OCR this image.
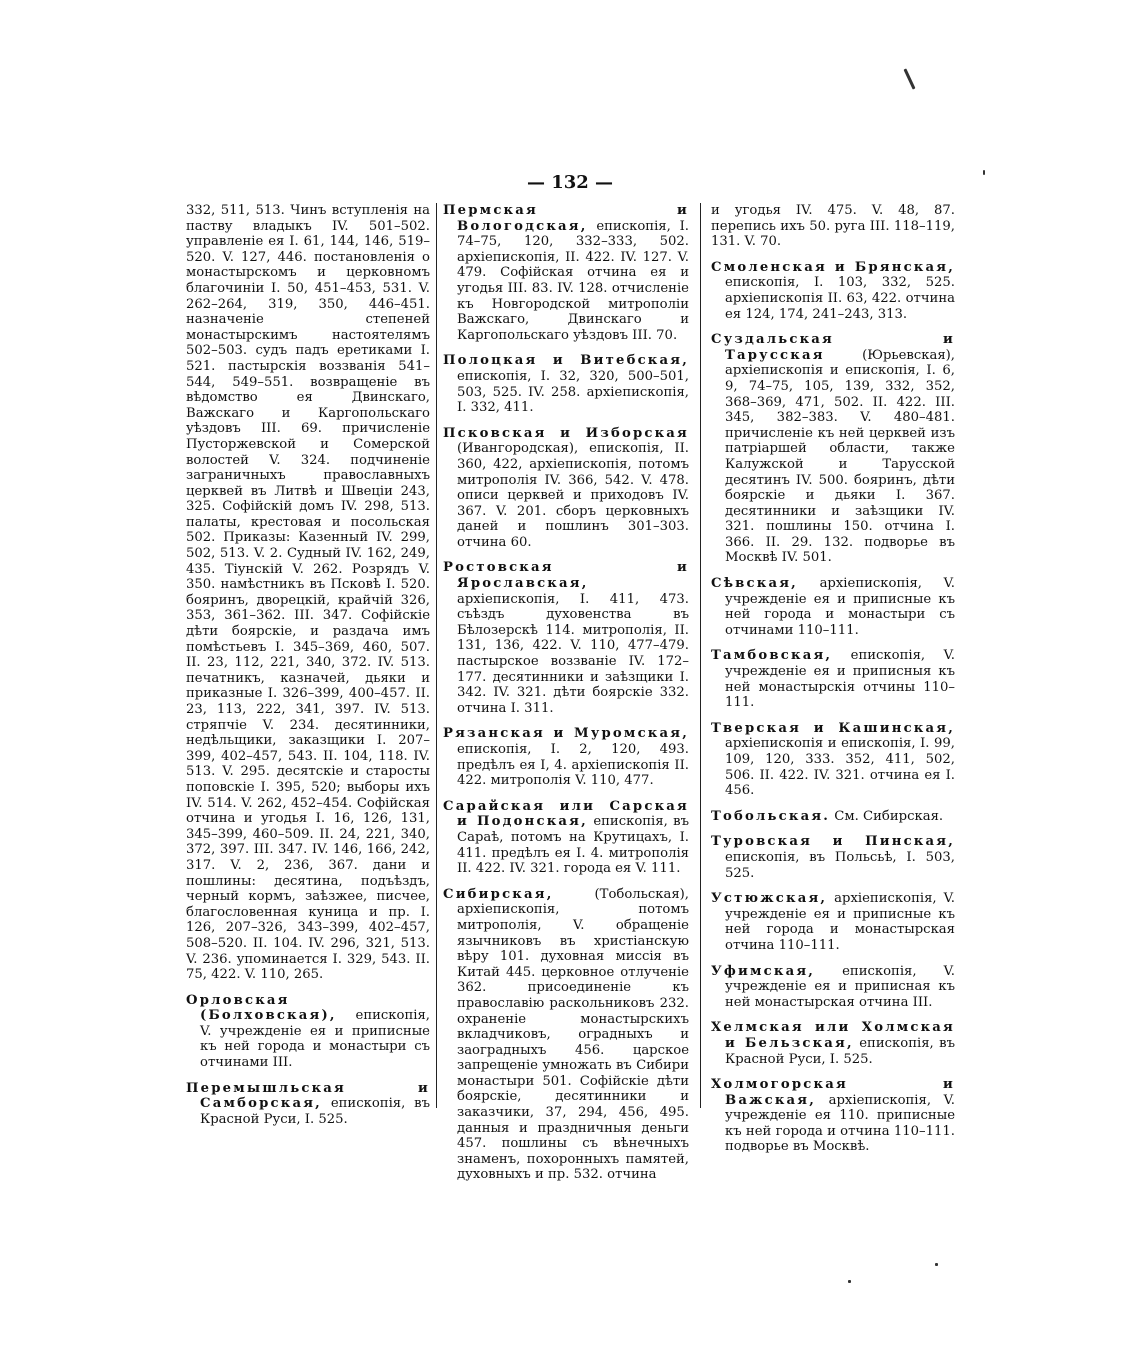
— 132 —
332, 511, 513. Чинъ вступленія на паству владыкъ IV. 501–502. управленіе ея I. 61, 144, 146, 519–520. V. 127, 446. постановленія о монастырскомъ и церковномъ благочиніи I. 50, 451–453, 531. V. 262–264, 319, 350, 446–451. назначеніе степеней монастырскимъ настоятелямъ 502–503. судъ падъ еретиками I. 521. пастырскія воззванія 541–544, 549–551. возвращеніе въ вѣдомство ея Двинскаго, Важскаго и Каргопольскаго уѣздовъ III. 69. причисленіе Пусторжевской и Сомерской волостей V. 324. подчиненіе заграничныхъ православныхъ церквей въ Литвѣ и Швеціи 243, 325. Софійскій домъ IV. 298, 513. палаты, крестовая и посольская 502. Приказы: Казенный IV. 299, 502, 513. V. 2. Судный IV. 162, 249, 435. Тіунскій V. 262. Розрядъ V. 350. намѣстникъ въ Псковѣ I. 520. бояринъ, дворецкій, крайчій 326, 353, 361–362. III. 347. Софійскіе дѣти боярскіе, и раздача имъ помѣстьевъ I. 345–369, 460, 507. II. 23, 112, 221, 340, 372. IV. 513. печатникъ, казначей, дьяки и приказные I. 326–399, 400–457. II. 23, 113, 222, 341, 397. IV. 513. стряпчіе V. 234. десятинники, недѣльщики, заказщики I. 207–399, 402–457, 543. II. 104, 118. IV. 513. V. 295. десятскіе и старосты поповскіе I. 395, 520; выборы ихъ IV. 514. V. 262, 452–454. Софійская отчина и угодья I. 16, 126, 131, 345–399, 460–509. II. 24, 221, 340, 372, 397. III. 347. IV. 146, 166, 242, 317. V. 2, 236, 367. дани и пошлины: десятина, подъѣздъ, черный кормъ, заѣзжее, писчее, благословенная куница и пр. I. 126, 207–326, 343–399, 402–457, 508–520. II. 104. IV. 296, 321, 513. V. 236. упоминается I. 329, 543. II. 75, 422. V. 110, 265.
Орловская (Болховская), епископія, V. учрежденіе ея и приписные къ ней города и монастыри съ отчинами III.
Перемышльская и Самборская, епископія, въ Красной Руси, I. 525.
Пермская и Вологодская, епископія, I. 74–75, 120, 332–333, 502. архіепископія, II. 422. IV. 127. V. 479. Софійская отчина ея и угодья III. 83. IV. 128. отчисленіе къ Новгородской митрополіи Важскаго, Двинскаго и Каргопольскаго уѣздовъ III. 70.
Полоцкая и Витебская, епископія, I. 32, 320, 500–501, 503, 525. IV. 258. архіепископія, I. 332, 411.
Псковская и Изборская (Ивангородская), епископія, II. 360, 422, архіепископія, потомъ митрополія IV. 366, 542. V. 478. описи церквей и приходовъ IV. 367. V. 201. сборъ церковныхъ даней и пошлинъ 301–303. отчина 60.
Ростовская и Ярославская, архіепископія, I. 411, 473. съѣздъ духовенства въ Бѣлозерскѣ 114. митрополія, II. 131, 136, 422. V. 110, 477–479. пастырское воззваніе IV. 172–177. десятинники и заѣзщики I. 342. IV. 321. дѣти боярскіе 332. отчина I. 311.
Рязанская и Муромская, епископія, I. 2, 120, 493. предѣлъ ея I, 4. архіепископія II. 422. митрополія V. 110, 477.
Сарайская или Сарская и Подонская, епископія, въ Сараѣ, потомъ на Крутицахъ, I. 411. предѣлъ ея I. 4. митрополія II. 422. IV. 321. города ея V. 111.
Сибирская,	(Тобольская), архіепископія, потомъ митрополія, V. обращеніе язычниковъ въ христіанскую вѣру 101. духовная миссія въ Китай 445. церковное отлученіе 362. присоединеніе къ православію раскольниковъ 232. охраненіе монастырскихъ вкладчиковъ, оградныхъ и заоградныхъ 456. царское запрещеніе умножать въ Сибири монастыри 501. Софійскіе дѣти боярскіе, десятинники и заказчики, 37, 294, 456, 495. данныя и праздничныя деньги 457. пошлины съ вѣнечныхъ знаменъ, похоронныхъ памятей, духовныхъ и пр. 532. отчина
и угодья IV. 475. V. 48, 87. перепись ихъ 50. руга III. 118–119, 131. V. 70.
Смоленская и Брянская, епископія, I. 103, 332, 525. архіепископія II. 63, 422. отчина ея 124, 174, 241–243, 313.
Суздальская и Тарусская	(Юрьевская), архіепископія и епископія, I. 6, 9, 74–75, 105, 139, 332, 352, 368–369, 471, 502. II. 422. III. 345, 382–383. V. 480–481. причисленіе къ ней церквей изъ патріаршей области, также Калужской и Тарусской десятинъ IV. 500. бояринъ, дѣти боярскіе и дьяки I. 367. десятинники и заѣзщики IV. 321. пошлины 150. отчина I. 366. II. 29. 132. подворье въ Москвѣ IV. 501.
Сѣвская, архіепископія, V. учрежденіе ея и приписные къ ней города и монастыри съ отчинами 110–111.
Тамбовская, епископія, V. учрежденіе ея и приписныя къ ней монастырскія отчины 110–111.
Тверская и Кашинская, архіепископія и епископія, I. 99, 109, 120, 333. 352, 411, 502, 506. II. 422. IV. 321. отчина ея I. 456.
Тобольская. См. Сибирская.
Туровская и Пинская, епископія, въ Польсьѣ, I. 503, 525.
Устюжская, архіепископія, V. учрежденіе ея и приписные къ ней города и монастырская отчина 110–111.
Уфимская, епископія, V. учрежденіе ея и приписная къ ней монастырская отчина III.
Хелмская или Холмская и Бельзская, епископія, въ Красной Руси, I. 525.
Холмогорская и Важская, архіепископія, V. учрежденіе ея 110. приписные къ ней города и отчина 110–111. подворье въ Москвѣ.
